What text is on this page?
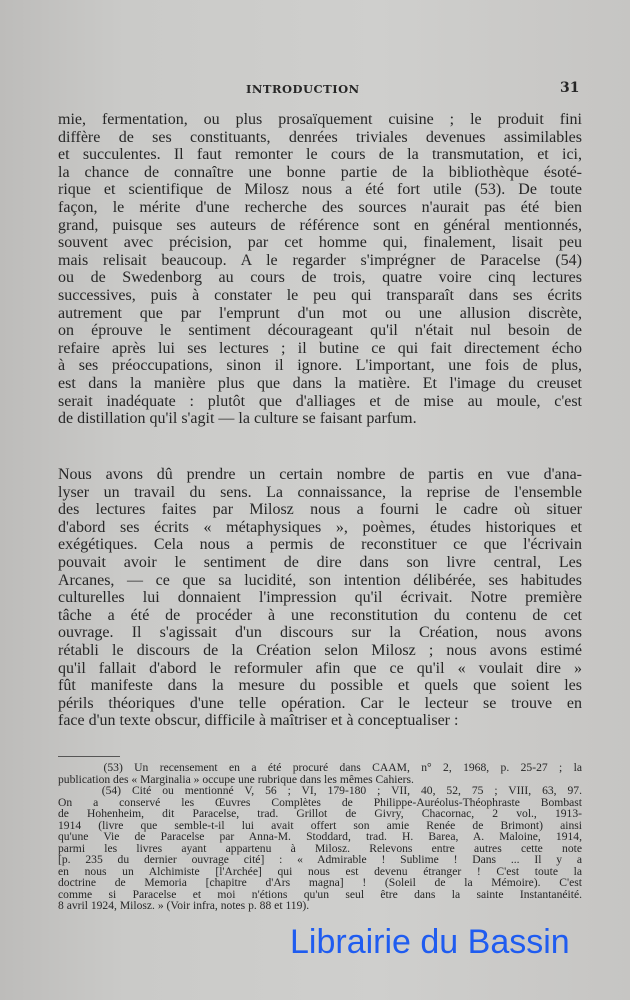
INTRODUCTION	31
mie, fermentation, ou plus prosaïquement cuisine ; le produit fini
diffère de ses constituants, denrées triviales devenues assimilables
et succulentes. Il faut remonter le cours de la transmutation, et ici,
la chance de connaître une bonne partie de la bibliothèque ésoté-
rique et scientifique de Milosz nous a été fort utile (53). De toute
façon, le mérite d'une recherche des sources n'aurait pas été bien
grand, puisque ses auteurs de référence sont en général mentionnés,
souvent avec précision, par cet homme qui, finalement, lisait peu
mais relisait beaucoup. A le regarder s'imprégner de Paracelse (54)
ou de Swedenborg au cours de trois, quatre voire cinq lectures
successives, puis à constater le peu qui transparaît dans ses écrits
autrement que par l'emprunt d'un mot ou une allusion discrète,
on éprouve le sentiment décourageant qu'il n'était nul besoin de
refaire après lui ses lectures ; il butine ce qui fait directement écho
à ses préoccupations, sinon il ignore. L'important, une fois de plus,
est dans la manière plus que dans la matière. Et l'image du creuset
serait inadéquate : plutôt que d'alliages et de mise au moule, c'est
de distillation qu'il s'agit — la culture se faisant parfum.
Nous avons dû prendre un certain nombre de partis en vue d'ana-
lyser un travail du sens. La connaissance, la reprise de l'ensemble
des lectures faites par Milosz nous a fourni le cadre où situer
d'abord ses écrits « métaphysiques », poèmes, études historiques et
exégétiques. Cela nous a permis de reconstituer ce que l'écrivain
pouvait avoir le sentiment de dire dans son livre central, Les
Arcanes, — ce que sa lucidité, son intention délibérée, ses habitudes
culturelles lui donnaient l'impression qu'il écrivait. Notre première
tâche a été de procéder à une reconstitution du contenu de cet
ouvrage. Il s'agissait d'un discours sur la Création, nous avons
rétabli le discours de la Création selon Milosz ; nous avons estimé
qu'il fallait d'abord le reformuler afin que ce qu'il « voulait dire »
fût manifeste dans la mesure du possible et quels que soient les
périls théoriques d'une telle opération. Car le lecteur se trouve en
face d'un texte obscur, difficile à maîtriser et à conceptualiser :
(53) Un recensement en a été procuré dans CAAM, n° 2, 1968, p. 25-27 ; la
publication des « Marginalia » occupe une rubrique dans les mêmes Cahiers.
(54) Cité ou mentionné V, 56 ; VI, 179-180 ; VII, 40, 52, 75 ; VIII, 63, 97.
On a conservé les Œuvres Complètes de Philippe-Auréolus-Théophraste Bombast
de Hohenheim, dit Paracelse, trad. Grillot de Givry, Chacornac, 2 vol., 1913-
1914 (livre que semble-t-il lui avait offert son amie Renée de Brimont) ainsi
qu'une Vie de Paracelse par Anna-M. Stoddard, trad. H. Barea, A. Maloine, 1914,
parmi les livres ayant appartenu à Milosz. Relevons entre autres cette note
[p. 235 du dernier ouvrage cité] : « Admirable ! Sublime ! Dans ... Il y a
en nous un Alchimiste [l'Archée] qui nous est devenu étranger ! C'est toute la
doctrine de Memoria [chapitre d'Ars magna] ! (Soleil de la Mémoire). C'est
comme si Paracelse et moi n'étions qu'un seul être dans la sainte Instantanéité.
8 avril 1924, Milosz. » (Voir infra, notes p. 88 et 119).
Librairie du Bassin
